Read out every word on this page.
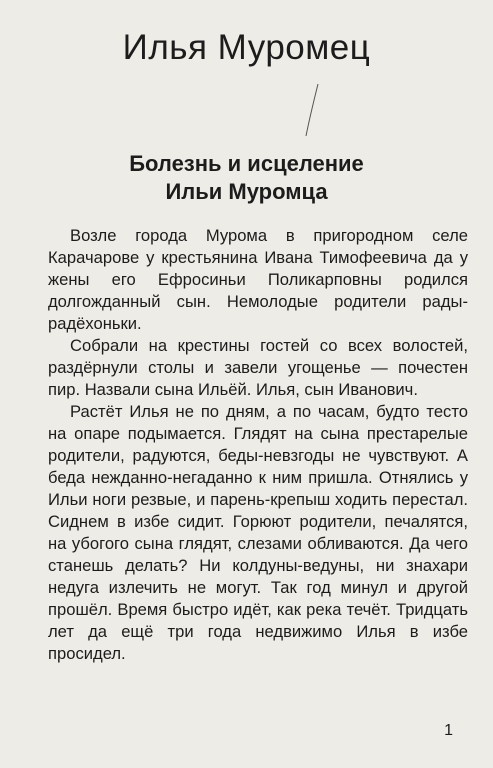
Илья Муромец
Болезнь и исцеление
Ильи Муромца

Возле города Мурома в пригородном селе Карачарове у крестьянина Ивана Тимофеевича да у жены его Ефросиньи Поликарповны родился долгожданный сын. Немолодые родители рады-радёхоньки.

Собрали на крестины гостей со всех волостей, раздёрнули столы и завели угощенье — почестен пир. Назвали сына Ильёй. Илья, сын Иванович.

Растёт Илья не по дням, а по часам, будто тесто на опаре подымается. Глядят на сына престарелые родители, радуются, беды-невзгоды не чувствуют. А беда нежданно-негаданно к ним пришла. Отнялись у Ильи ноги резвые, и парень-крепыш ходить перестал. Сиднем в избе сидит. Горюют родители, печалятся, на убогого сына глядят, слезами обливаются. Да чего станешь делать? Ни колдуны-ведуны, ни знахари недуга излечить не могут. Так год минул и другой прошёл. Время быстро идёт, как река течёт. Тридцать лет да ещё три года недвижимо Илья в избе просидел.

1
